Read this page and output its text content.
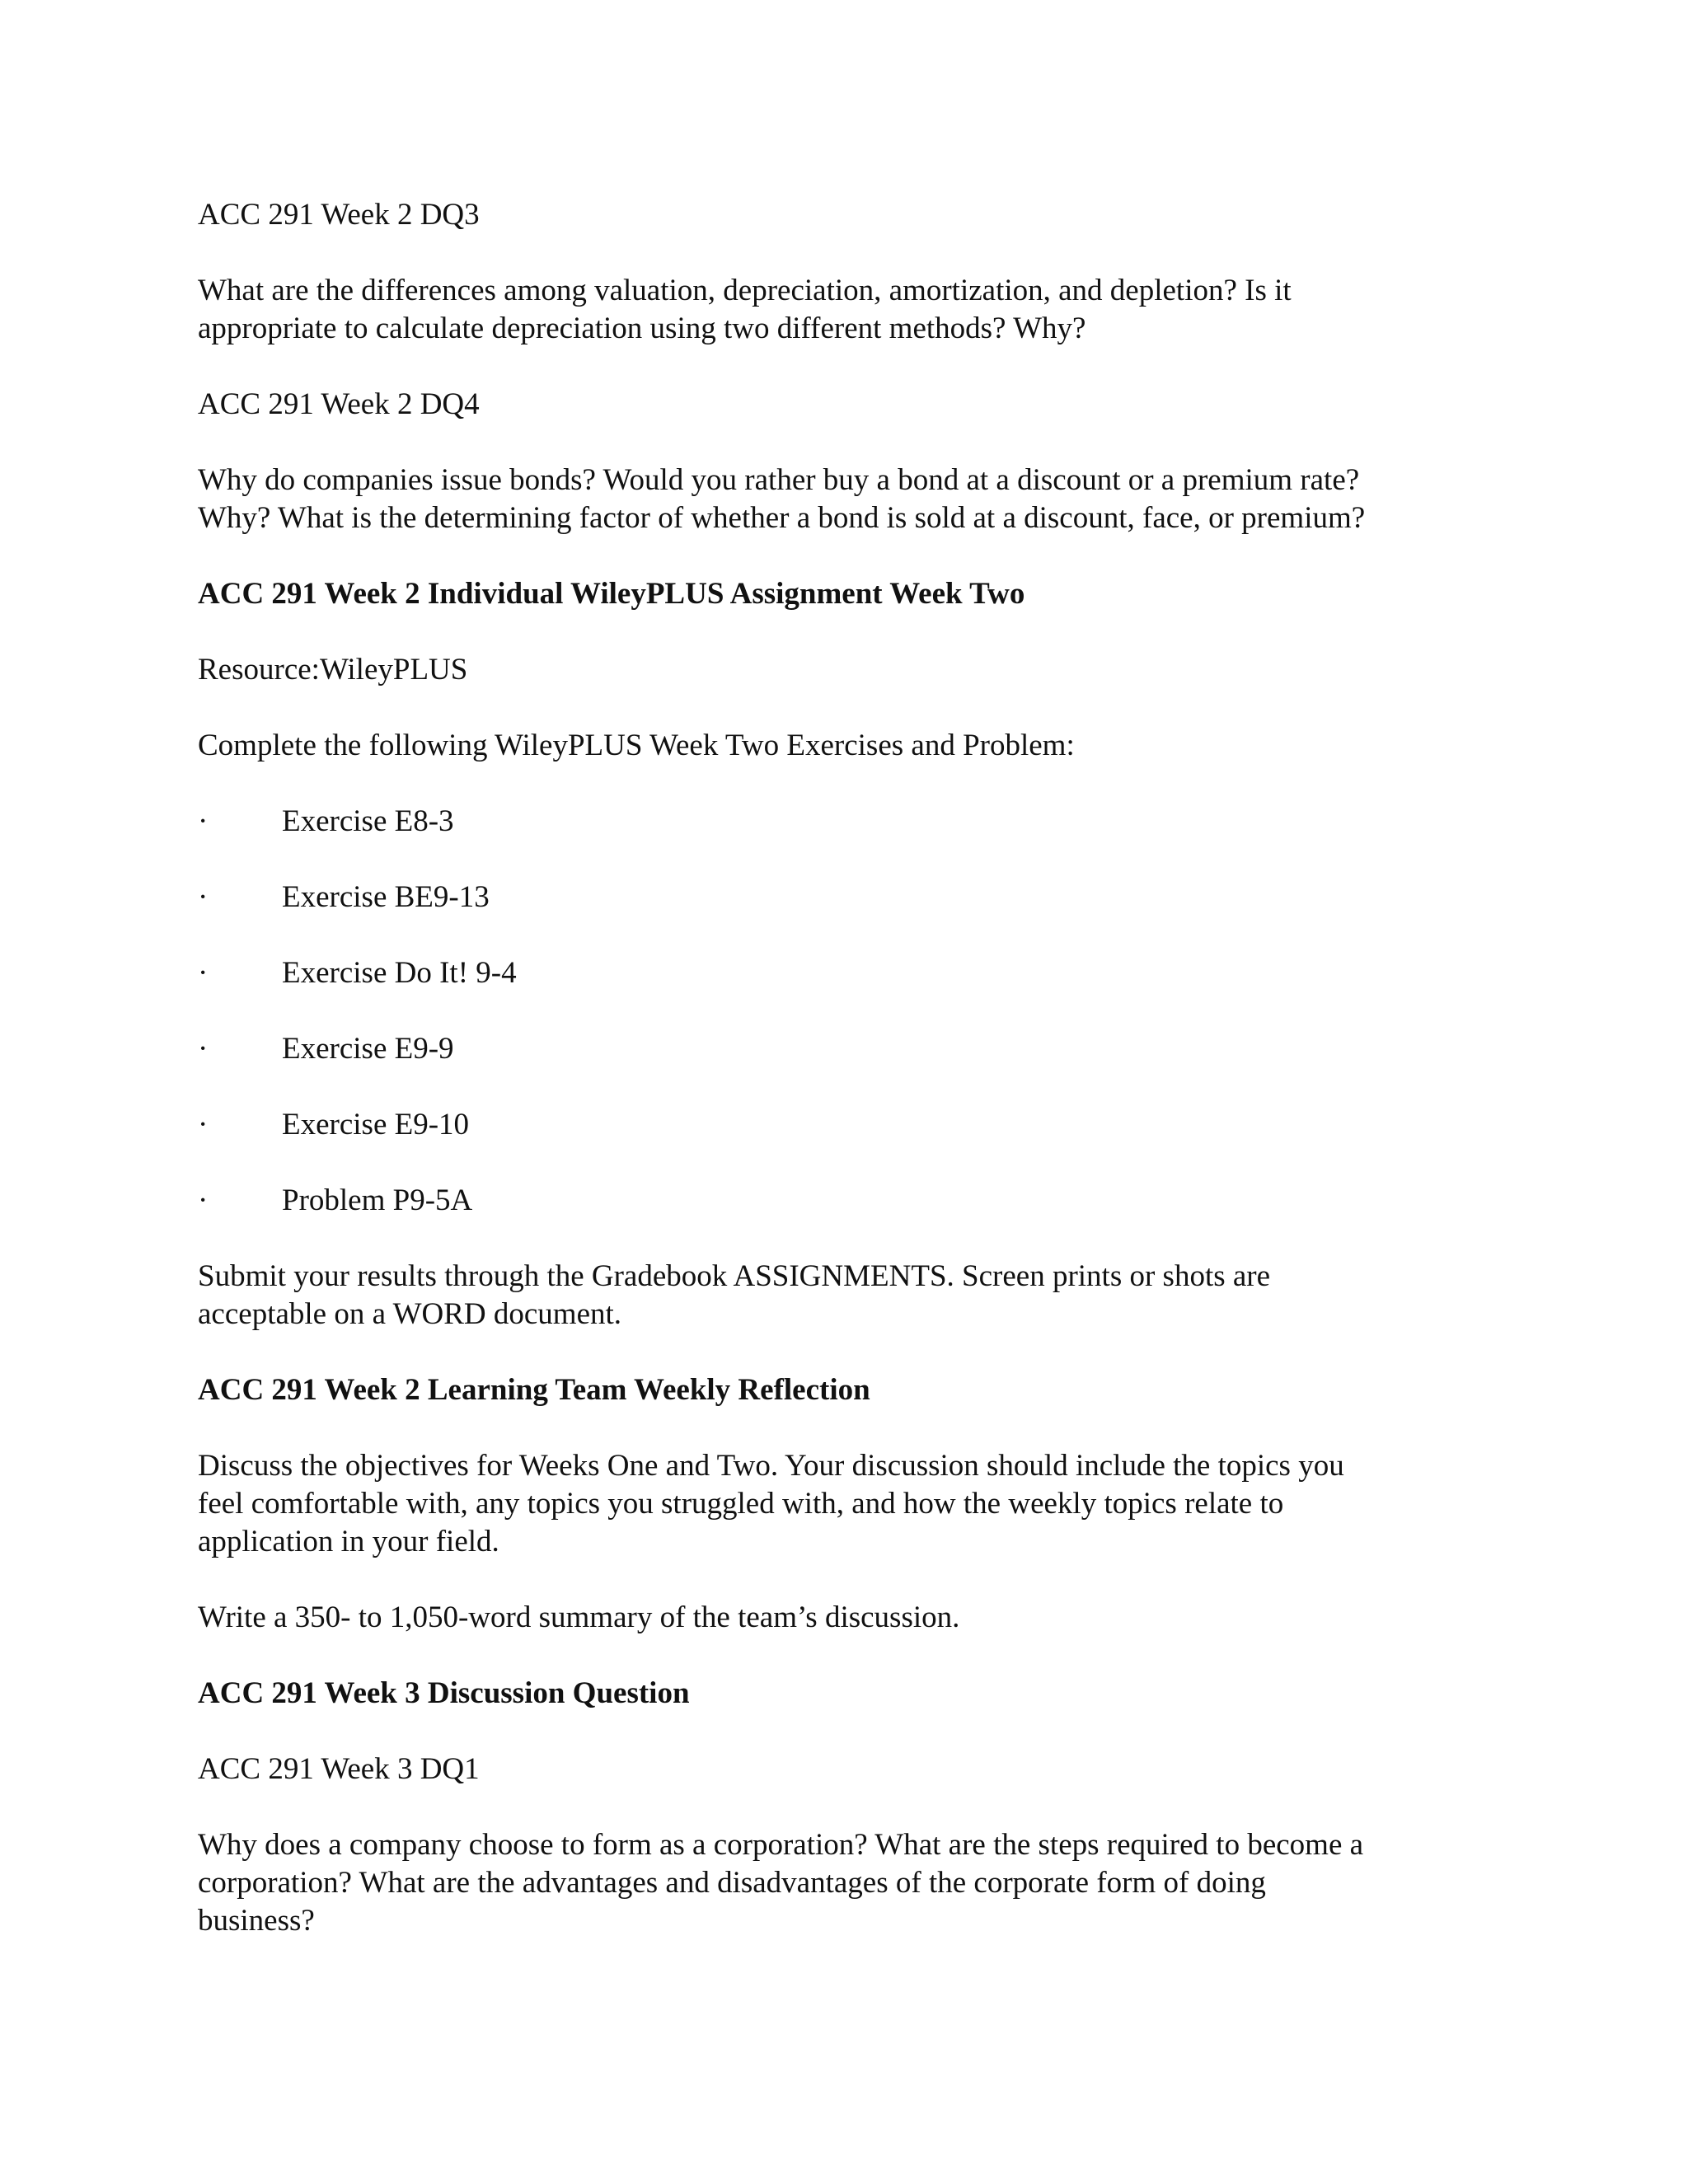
ACC 291 Week 2 DQ3

What are the differences among valuation, depreciation, amortization, and depletion? Is it
appropriate to calculate depreciation using two different methods? Why?

ACC 291 Week 2 DQ4

Why do companies issue bonds? Would you rather buy a bond at a discount or a premium rate?
Why? What is the determining factor of whether a bond is sold at a discount, face, or premium?

ACC 291 Week 2 Individual WileyPLUS Assignment Week Two

Resource:WileyPLUS

Complete the following WileyPLUS Week Two Exercises and Problem:

·	Exercise E8-3
·	Exercise BE9-13
·	Exercise Do It! 9-4
·	Exercise E9-9
·	Exercise E9-10
·	Problem P9-5A

Submit your results through the Gradebook ASSIGNMENTS. Screen prints or shots are
acceptable on a WORD document.

ACC 291 Week 2 Learning Team Weekly Reflection

Discuss the objectives for Weeks One and Two. Your discussion should include the topics you
feel comfortable with, any topics you struggled with, and how the weekly topics relate to
application in your field.

Write a 350- to 1,050-word summary of the team’s discussion.

ACC 291 Week 3 Discussion Question

ACC 291 Week 3 DQ1

Why does a company choose to form as a corporation? What are the steps required to become a
corporation? What are the advantages and disadvantages of the corporate form of doing
business?
